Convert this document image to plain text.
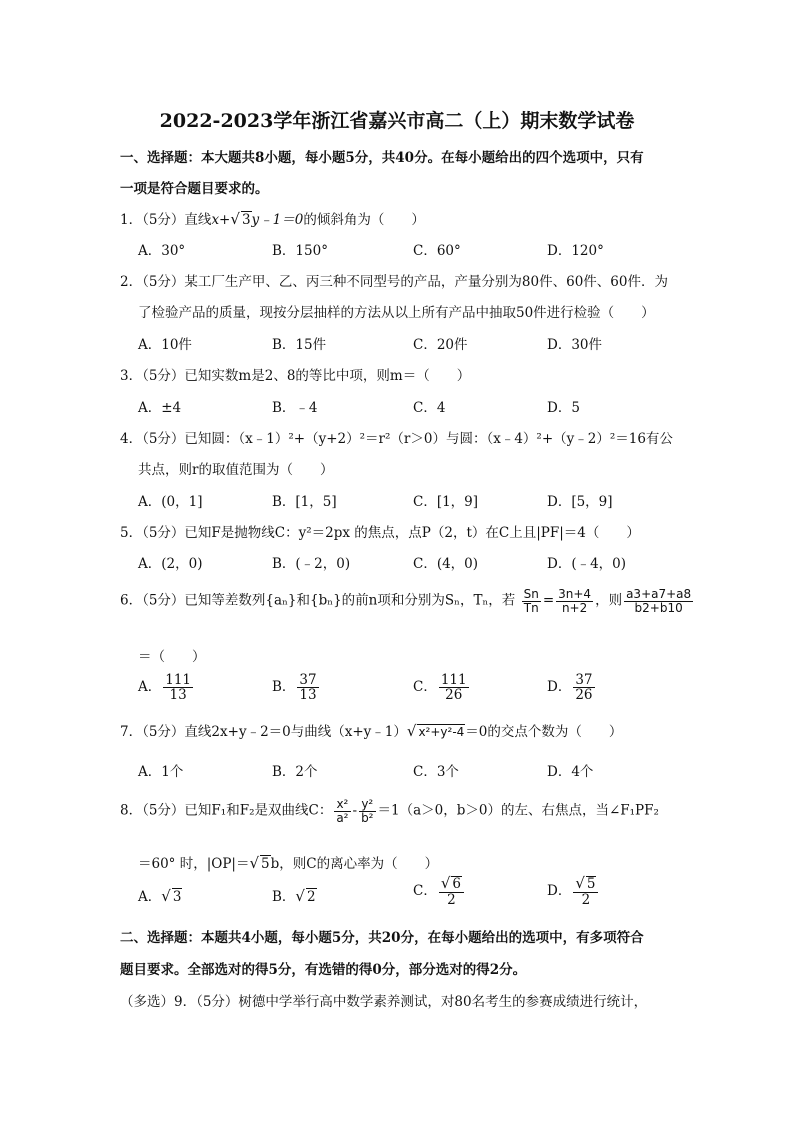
2022-2023学年浙江省嘉兴市高二（上）期末数学试卷
一、选择题：本大题共8小题，每小题5分，共40分。在每小题给出的四个选项中，只有
一项是符合题目要求的。
1．（5分）直线x+√ 3y﹣1＝0的倾斜角为（　　）
A．30°	B．150°	C．60°	D．120°
2．（5分）某工厂生产甲、乙、丙三种不同型号的产品，产量分别为80件、60件、60件．为
了检验产品的质量，现按分层抽样的方法从以上所有产品中抽取50件进行检验（　　）
A．10件	B．15件	C．20件	D．30件
3．（5分）已知实数m是2、8的等比中项，则m＝（　　）
A．±4	B．﹣4	C．4	D．5
4．（5分）已知圆：（x﹣1）²+（y+2）²＝r²（r＞0）与圆：（x﹣4）²+（y﹣2）²＝16有公
共点，则r的取值范围为（　　）
A．(0，1]	B．[1，5]	C．[1，9]	D．[5，9]
5．（5分）已知F是抛物线C：y²＝2px 的焦点，点P（2，t）在C上且|PF|＝4（　　）
A．(2，0)	B．(﹣2，0)	C．(4，0)	D．(﹣4，0)
6．（5分）已知等差数列{aₙ}和{bₙ}的前n项和分别为Sₙ，Tₙ，若 $\frac{Sn}{Tn} = \frac{3n+4}{n+2}$ ，则 $\frac{a3+a7+a8}{b2+b10}$
＝（　　）
A． $\frac{111}{13}$	B． $\frac{37}{13}$	C． $\frac{111}{26}$	D． $\frac{37}{26}$
7．（5分）直线2x+y﹣2＝0与曲线（x+y﹣1）√ x²+y²-4＝0的交点个数为（　　）
A．1个	B．2个	C．3个	D．4个
8．（5分）已知F₁和F₂是双曲线C： $\frac{\text{x²}}{\text{a²}} - \frac{\text{y²}}{\text{b²}} =1(a>0$，b＞0）的左、右焦点，当∠F₁PF₂
＝60° 时，|OP|＝√ 5b，则C的离心率为（　　）
A．√ 3	B．√ 2	C． $\frac{√ 6}{2}$	D． $\frac{√ 5}{2}$
二、选择题：本题共4小题，每小题5分，共20分，在每小题给出的选项中，有多项符合
题目要求。全部选对的得5分，有选错的得0分，部分选对的得2分。
（多选）9．（5分）树德中学举行高中数学素养测试，对80名考生的参赛成绩进行统计，
